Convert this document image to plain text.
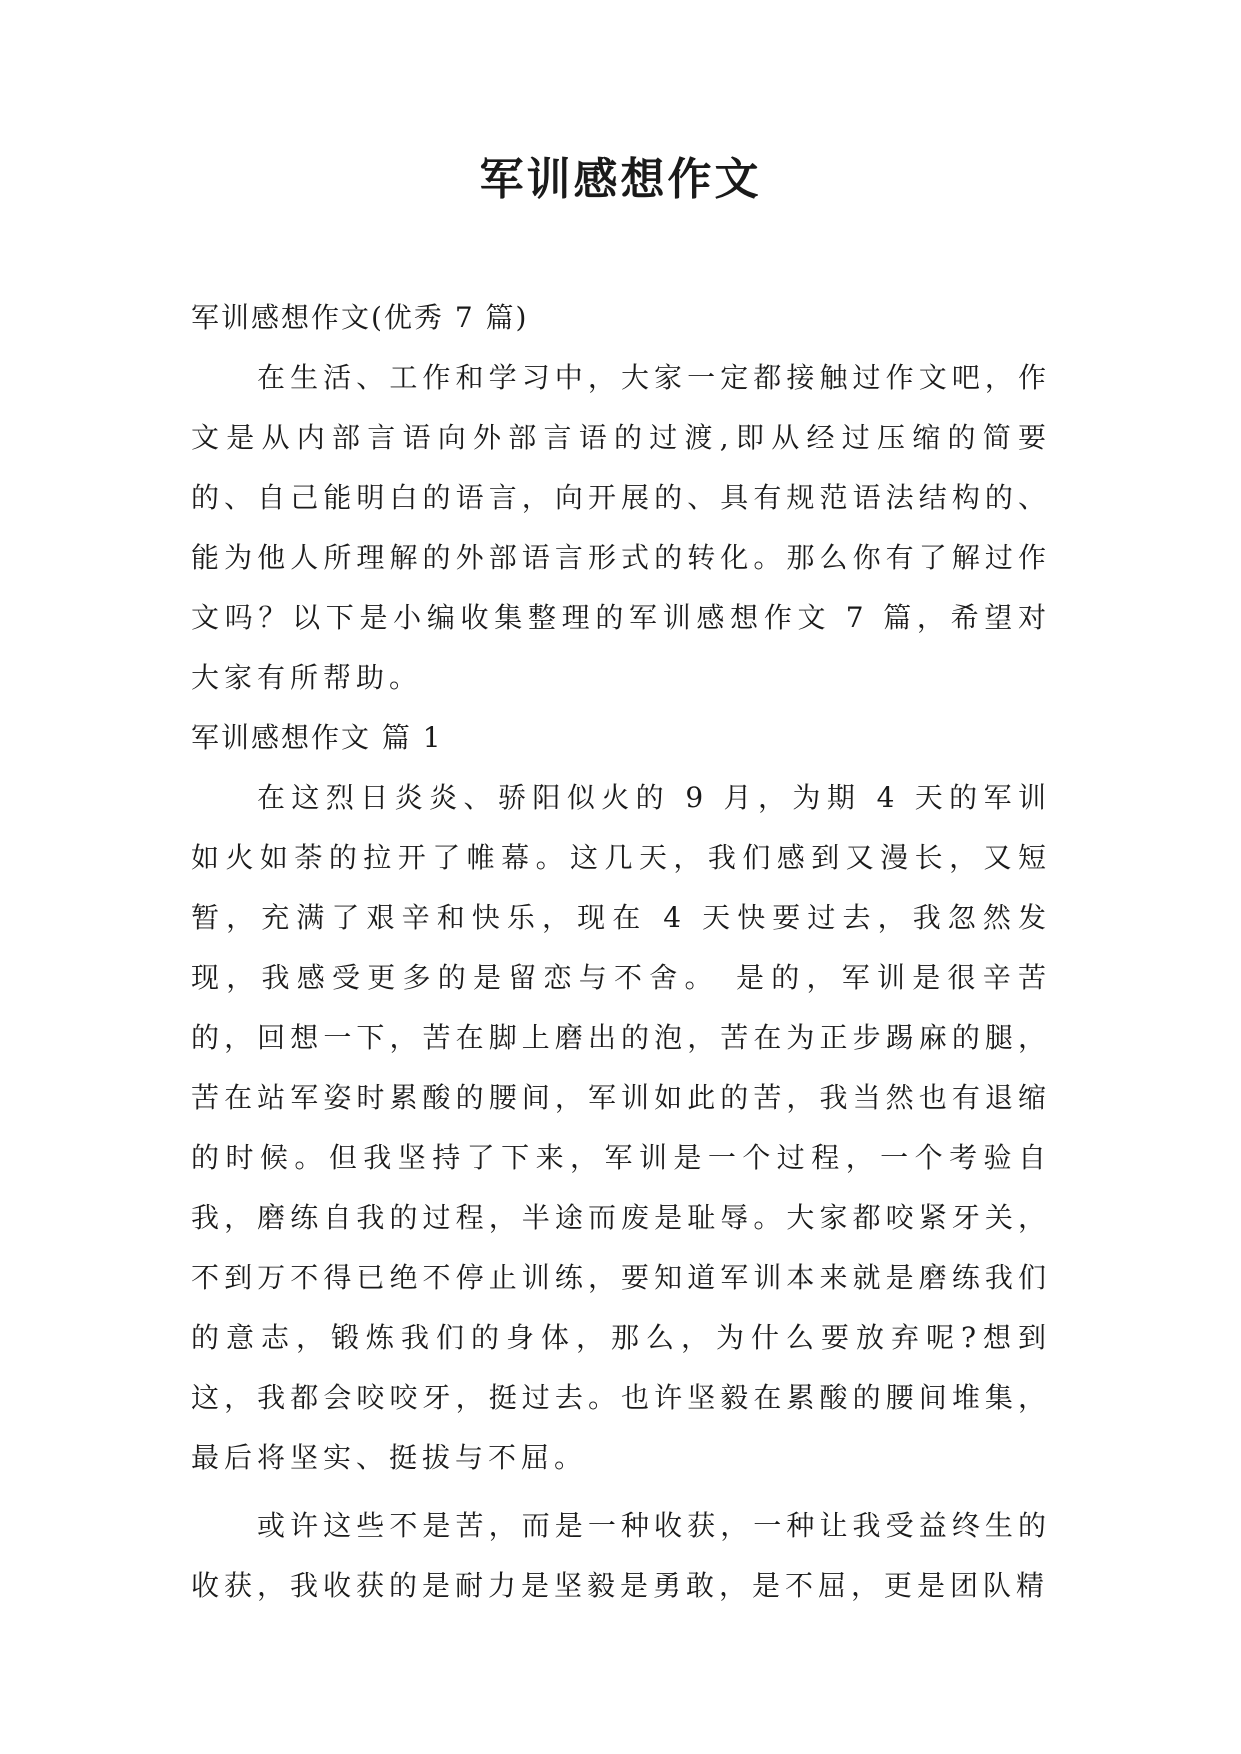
军训感想作文

军训感想作文(优秀 7 篇)

在生活、工作和学习中，大家一定都接触过作文吧，作文是从内部言语向外部言语的过渡,即从经过压缩的简要的、自己能明白的语言，向开展的、具有规范语法结构的、能为他人所理解的外部语言形式的转化。那么你有了解过作文吗？以下是小编收集整理的军训感想作文 7 篇，希望对大家有所帮助。

军训感想作文 篇 1

在这烈日炎炎、骄阳似火的 9 月，为期 4 天的军训如火如荼的拉开了帷幕。这几天，我们感到又漫长，又短暂，充满了艰辛和快乐，现在 4 天快要过去，我忽然发现，我感受更多的是留恋与不舍。 是的，军训是很辛苦的，回想一下，苦在脚上磨出的泡，苦在为正步踢麻的腿，苦在站军姿时累酸的腰间，军训如此的苦，我当然也有退缩的时候。但我坚持了下来，军训是一个过程，一个考验自我，磨练自我的过程，半途而废是耻辱。大家都咬紧牙关，不到万不得已绝不停止训练，要知道军训本来就是磨练我们的意志，锻炼我们的身体，那么，为什么要放弃呢?想到这，我都会咬咬牙，挺过去。也许坚毅在累酸的腰间堆集，最后将坚实、挺拔与不屈。

或许这些不是苦，而是一种收获，一种让我受益终生的收获，我收获的是耐力是坚毅是勇敢，是不屈，更是团队精
